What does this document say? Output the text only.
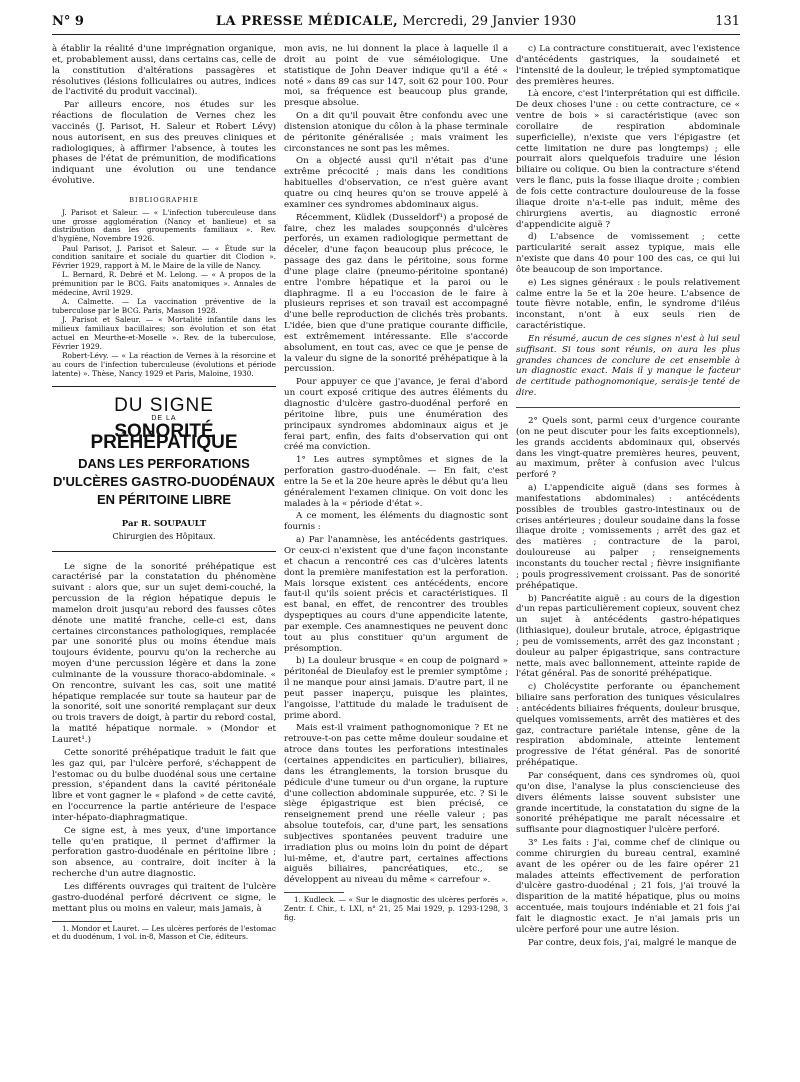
N° 9	LA PRESSE MÉDICALE, Mercredi, 29 Janvier 1930	131

à établir la réalité d'une imprégnation organique, et, probablement aussi, dans certains cas, celle de la constitution d'altérations passagères et résolutives (lésions folliculaires ou autres, indices de l'activité du produit vaccinal).

Par ailleurs encore, nos études sur les réactions de floculation de Vernes chez les vaccinés (J. Parisot, H. Saleur et Robert Lévy) nous autorisent, en sus des preuves cliniques et radiologiques, à affirmer l'absence, à toutes les phases de l'état de prémunition, de modifications indiquant une évolution ou une tendance évolutive.

BIBLIOGRAPHIE
J. Parisot et Saleur. — « L'infection tuberculeuse dans une grosse agglomération (Nancy et banlieue) et sa distribution dans les groupements familiaux ». Rev. d'hygiène, Novembre 1926.
Paul Parisot, J. Parisot et Saleur. — « Étude sur la condition sanitaire et sociale du quartier dit Clodion ». Février 1929, rapport à M. le Maire de la ville de Nancy.
L. Bernard, R. Debré et M. Lelong. — « A propos de la prémunition par le BCG. Faits anatomiques ». Annales de médecine, Avril 1929.
A. Calmette. — La vaccination préventive de la tuberculose par le BCG. Paris, Masson 1928.
J. Parisot et Saleur. — « Mortalité infantile dans les milieux familiaux bacillaires; son évolution et son état actuel en Meurthe-et-Moselle ». Rev. de la tuberculose, Février 1929.
Robert-Lévy. — « La réaction de Vernes à la résorcine et au cours de l'infection tuberculeuse (évolutions et période latente) ». Thèse, Nancy 1929 et Paris, Maloine, 1930.
DU SIGNE
DE LA
SONORITÉ PRÉHÉPATIQUE
DANS LES PERFORATIONS
D'ULCÈRES GASTRO-DUODÉNAUX
EN PÉRITOINE LIBRE
Par R. SOUPAULT
Chirurgien des Hôpitaux.

Le signe de la sonorité préhépatique est caractérisé par la constatation du phénomène suivant : alors que, sur un sujet demi-couché, la percussion de la région hépatique depuis le mamelon droit jusqu'au rebord des fausses côtes dénote une matité franche, celle-ci est, dans certaines circonstances pathologiques, remplacée par une sonorité plus ou moins étendue mais toujours évidente, pourvu qu'on la recherche au moyen d'une percussion légère et dans la zone culminante de la voussure thoraco-abdominale. « On rencontre, suivant les cas, soit une matité hépatique remplacée sur toute sa hauteur par de la sonorité, soit une sonorité remplaçant sur deux ou trois travers de doigt, à partir du rebord costal, la matité hépatique normale. » (Mondor et Lauret¹.)

Cette sonorité préhépatique traduit le fait que les gaz qui, par l'ulcère perforé, s'échappent de l'estomac ou du bulbe duodénal sous une certaine pression, s'épandent dans la cavité péritonéale libre et vont gagner le « plafond » de cette cavité, en l'occurrence la partie antérieure de l'espace inter-hépato-diaphragmatique.

Ce signe est, à mes yeux, d'une importance telle qu'en pratique, il permet d'affirmer la perforation gastro-duodénale en péritoine libre ; son absence, au contraire, doit inciter à la recherche d'un autre diagnostic.

Les différents ouvrages qui traitent de l'ulcère gastro-duodénal perforé décrivent ce signe, le mettant plus ou moins en valeur, mais jamais, à

1. Mondor et Lauret. — Les ulcères perforés de l'estomac et du duodénum, 1 vol. in-8, Masson et Cie, éditeurs.

mon avis, ne lui donnent la place à laquelle il a droit au point de vue séméiologique. Une statistique de John Deaver indique qu'il a été « noté » dans 89 cas sur 147, soit 62 pour 100. Pour moi, sa fréquence est beaucoup plus grande, presque absolue.

On a dit qu'il pouvait être confondu avec une distension atonique du côlon à la phase terminale de péritonite généralisée ; mais vraiment les circonstances ne sont pas les mêmes.

On a objecté aussi qu'il n'était pas d'une extrême précocité ; mais dans les conditions habituelles d'observation, ce n'est guère avant quatre ou cinq heures qu'on se trouve appelé à examiner ces syndromes abdominaux aigus.

Récemment, Küdlek (Dusseldorf¹) a proposé de faire, chez les malades soupçonnés d'ulcères perforés, un examen radiologique permettant de déceler, d'une façon beaucoup plus précoce, le passage des gaz dans le péritoine, sous forme d'une plage claire (pneumo-péritoine spontané) entre l'ombre hépatique et la paroi ou le diaphragme. Il a eu l'occasion de le faire à plusieurs reprises et son travail est accompagné d'une belle reproduction de clichés très probants. L'idée, bien que d'une pratique courante difficile, est extrêmement intéressante. Elle s'accorde absolument, en tout cas, avec ce que je pense de la valeur du signe de la sonorité préhépatique à la percussion.

Pour appuyer ce que j'avance, je ferai d'abord un court exposé critique des autres éléments du diagnostic d'ulcère gastro-duodénal perforé en péritoine libre, puis une énumération des principaux syndromes abdominaux aigus et je ferai part, enfin, des faits d'observation qui ont créé ma conviction.

1° Les autres symptômes et signes de la perforation gastro-duodénale. — En fait, c'est entre la 5e et la 20e heure après le début qu'a lieu généralement l'examen clinique. On voit donc les malades à la « période d'état ».

A ce moment, les éléments du diagnostic sont fournis :

a) Par l'anamnèse, les antécédents gastriques. Or ceux-ci n'existent que d'une façon inconstante et chacun a rencontré ces cas d'ulcères latents dont la première manifestation est la perforation. Mais lorsque existent ces antécédents, encore faut-il qu'ils soient précis et caractéristiques. Il est banal, en effet, de rencontrer des troubles dyspeptiques au cours d'une appendicite latente, par exemple. Ces anamnestiques ne peuvent donc tout au plus constituer qu'un argument de présomption.

b) La douleur brusque « en coup de poignard » péritonéal de Dieulafoy est le premier symptôme ; il ne manque pour ainsi jamais. D'autre part, il ne peut passer inaperçu, puisque les plaintes, l'angoisse, l'attitude du malade le traduisent de prime abord.

Mais est-il vraiment pathognomonique ? Et ne retrouve-t-on pas cette même douleur soudaine et atroce dans toutes les perforations intestinales (certaines appendicites en particulier), biliaires, dans les étranglements, la torsion brusque du pédicule d'une tumeur ou d'un organe, la rupture d'une collection abdominale suppurée, etc. ? Si le siège épigastrique est bien précisé, ce renseignement prend une réelle valeur ; pas absolue toutefois, car, d'une part, les sensations subjectives spontanées peuvent traduire une irradiation plus ou moins loin du point de départ lui-même, et, d'autre part, certaines affections aiguës biliaires, pancréatiques, etc., se développent au niveau du même « carrefour ».

1. Kudleck. — « Sur le diagnostic des ulcères perforés ». Zentr. f. Chir., t. LXI, n° 21, 25 Mai 1929, p. 1293-1298, 3 fig.

c) La contracture constituerait, avec l'existence d'antécédents gastriques, la soudaineté et l'intensité de la douleur, le trépied symptomatique des premières heures.

Là encore, c'est l'interprétation qui est difficile. De deux choses l'une : ou cette contracture, ce « ventre de bois » si caractéristique (avec son corollaire de respiration abdominale superficielle), n'existe que vers l'épigastre (et cette limitation ne dure pas longtemps) ; elle pourrait alors quelquefois traduire une lésion biliaire ou colique. Ou bien la contracture s'étend vers le flanc, puis la fosse iliaque droite ; combien de fois cette contracture douloureuse de la fosse iliaque droite n'a-t-elle pas induit, même des chirurgiens avertis, au diagnostic erroné d'appendicite aiguë ?

d) L'absence de vomissement ; cette particularité serait assez typique, mais elle n'existe que dans 40 pour 100 des cas, ce qui lui ôte beaucoup de son importance.

e) Les signes généraux : le pouls relativement calme entre la 5e et la 20e heure. L'absence de toute fièvre notable, enfin, le syndrome d'iléus inconstant, n'ont à eux seuls rien de caractéristique.

En résumé, aucun de ces signes n'est à lui seul suffisant. Si tous sont réunis, on aura les plus grandes chances de conclure de cet ensemble à un diagnostic exact. Mais il y manque le facteur de certitude pathognomonique, serais-je tenté de dire.

2° Quels sont, parmi ceux d'urgence courante (on ne peut discuter pour les faits exceptionnels), les grands accidents abdominaux qui, observés dans les vingt-quatre premières heures, peuvent, au maximum, prêter à confusion avec l'ulcus perforé ?

a) L'appendicite aiguë (dans ses formes à manifestations abdominales) : antécédents possibles de troubles gastro-intestinaux ou de crises antérieures ; douleur soudaine dans la fosse iliaque droite ; vomissements ; arrêt des gaz et des matières ; contracture de la paroi, douloureuse au palper ; renseignements inconstants du toucher rectal ; fièvre insignifiante ; pouls progressivement croissant. Pas de sonorité préhépatique.

b) Pancréatite aiguë : au cours de la digestion d'un repas particulièrement copieux, souvent chez un sujet à antécédents gastro-hépatiques (lithiasique), douleur brutale, atroce, épigastrique ; peu de vomissements, arrêt des gaz inconstant ; douleur au palper épigastrique, sans contracture nette, mais avec ballonnement, atteinte rapide de l'état général. Pas de sonorité préhépatique.

c) Cholécystite perforante ou épanchement biliaire sans perforation des tuniques vésiculaires : antécédents biliaires fréquents, douleur brusque, quelques vomissements, arrêt des matières et des gaz, contracture pariétale intense, gêne de la respiration abdominale, atteinte lentement progressive de l'état général. Pas de sonorité préhépatique.

Par conséquent, dans ces syndromes où, quoi qu'on dise, l'analyse la plus consciencieuse des divers éléments laisse souvent subsister une grande incertitude, la constatation du signe de la sonorité préhépatique me paraît nécessaire et suffisante pour diagnostiquer l'ulcère perforé.

3° Les faits : J'ai, comme chef de clinique ou comme chirurgien du bureau central, examiné avant de les opérer ou de les faire opérer 21 malades atteints effectivement de perforation d'ulcère gastro-duodénal ; 21 fois, j'ai trouvé la disparition de la matité hépatique, plus ou moins accentuée, mais toujours indéniable et 21 fois j'ai fait le diagnostic exact. Je n'ai jamais pris un ulcère perforé pour une autre lésion.

Par contre, deux fois, j'ai, malgré le manque de
